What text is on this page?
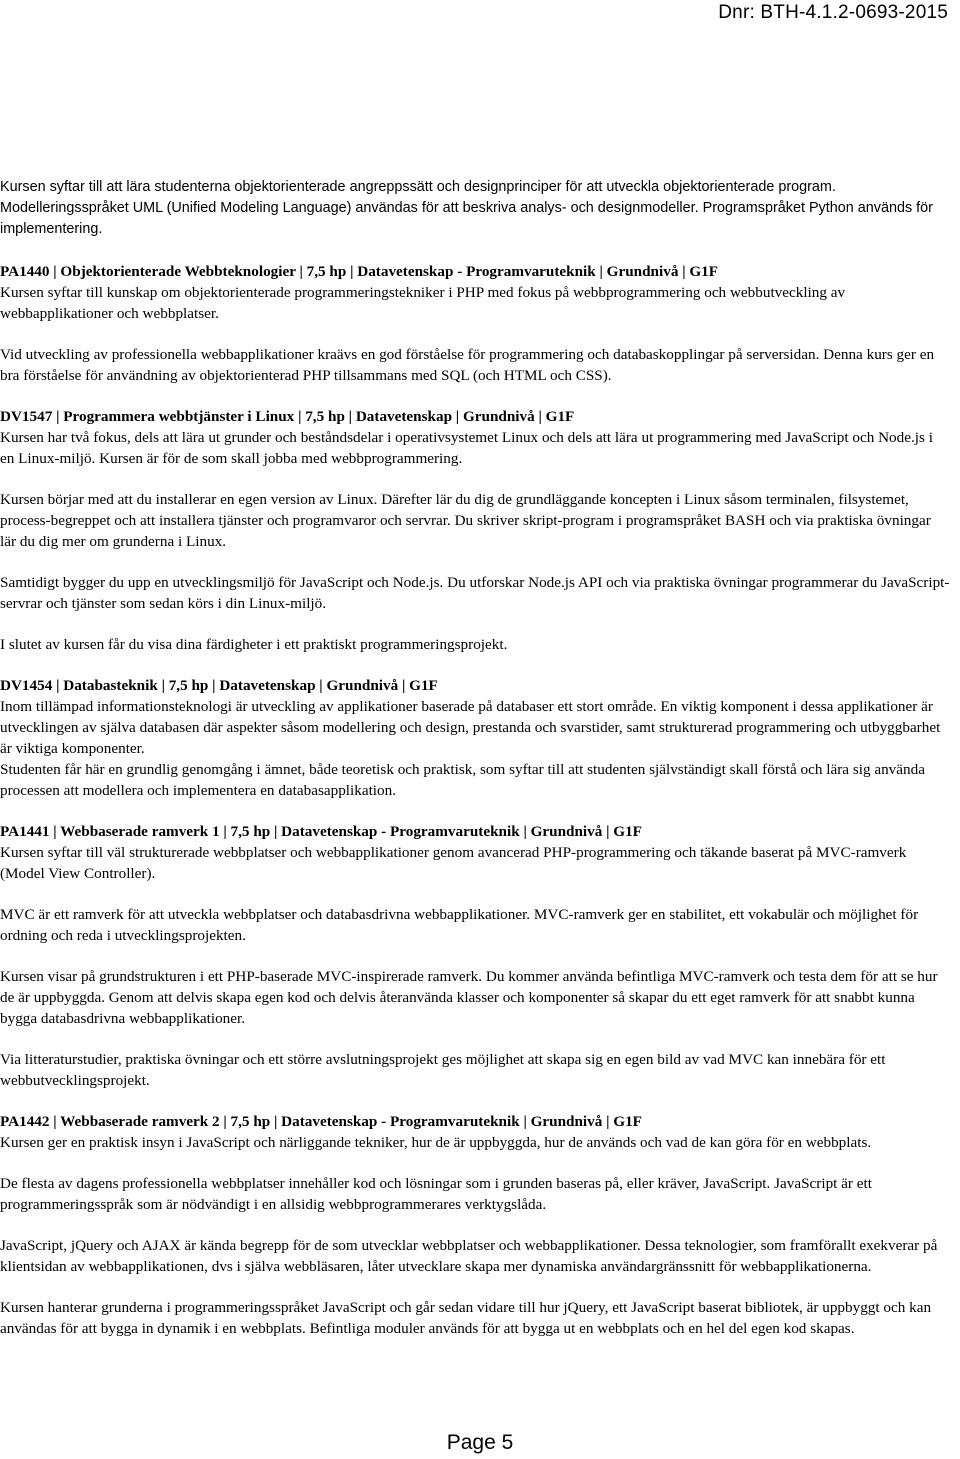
Dnr: BTH-4.1.2-0693-2015

Kursen syftar till att lära studenterna objektorienterade angreppssätt och designprinciper för att utveckla objektorienterade program. Modelleringsspråket UML (Unified Modeling Language) användas för att beskriva analys- och designmodeller. Programspråket Python används för implementering.

PA1440 | Objektorienterade Webbteknologier | 7,5 hp | Datavetenskap - Programvaruteknik | Grundnivå | G1F

Kursen syftar till kunskap om objektorienterade programmeringstekniker i PHP med fokus på webbprogrammering och webbutveckling av webbapplikationer och webbplatser.

Vid utveckling av professionella webbapplikationer kraävs en god förståelse för programmering och databaskopplingar på serversidan. Denna kurs ger en bra förståelse för användning av objektorienterad PHP tillsammans med SQL (och HTML och CSS).

DV1547 | Programmera webbtjänster i Linux | 7,5 hp | Datavetenskap | Grundnivå | G1F

Kursen har två fokus, dels att lära ut grunder och beståndsdelar i operativsystemet Linux och dels att lära ut programmering med JavaScript och Node.js i en Linux-miljö. Kursen är för de som skall jobba med webbprogrammering.

Kursen börjar med att du installerar en egen version av Linux. Därefter lär du dig de grundläggande koncepten i Linux såsom terminalen, filsystemet, process-begreppet och att installera tjänster och programvaror och servrar. Du skriver skript-program i programspråket BASH och via praktiska övningar lär du dig mer om grunderna i Linux.

Samtidigt bygger du upp en utvecklingsmiljö för JavaScript och Node.js. Du utforskar Node.js API och via praktiska övningar programmerar du JavaScript-servrar och tjänster som sedan körs i din Linux-miljö.

I slutet av kursen får du visa dina färdigheter i ett praktiskt programmeringsprojekt.

DV1454 | Databasteknik | 7,5 hp | Datavetenskap | Grundnivå | G1F

Inom tillämpad informationsteknologi är utveckling av applikationer baserade på databaser ett stort område. En viktig komponent i dessa applikationer är utvecklingen av själva databasen där aspekter såsom modellering och design, prestanda och svarstider, samt strukturerad programmering och utbyggbarhet är viktiga komponenter.

Studenten får här en grundlig genomgång i ämnet, både teoretisk och praktisk, som syftar till att studenten självständigt skall förstå och lära sig använda processen att modellera och implementera en databasapplikation.

PA1441 | Webbaserade ramverk 1 | 7,5 hp | Datavetenskap - Programvaruteknik | Grundnivå | G1F

Kursen syftar till väl strukturerade webbplatser och webbapplikationer genom avancerad PHP-programmering och täkande baserat på MVC-ramverk (Model View Controller).

MVC är ett ramverk för att utveckla webbplatser och databasdrivna webbapplikationer. MVC-ramverk ger en stabilitet, ett vokabulär och möjlighet för ordning och reda i utvecklingsprojekten.

Kursen visar på grundstrukturen i ett PHP-baserade MVC-inspirerade ramverk. Du kommer använda befintliga MVC-ramverk och testa dem för att se hur de är uppbyggda. Genom att delvis skapa egen kod och delvis återanvända klasser och komponenter så skapar du ett eget ramverk för att snabbt kunna bygga databasdrivna webbapplikationer.

Via litteraturstudier, praktiska övningar och ett större avslutningsprojekt ges möjlighet att skapa sig en egen bild av vad MVC kan innebära för ett webbutvecklingsprojekt.

PA1442 | Webbaserade ramverk 2 | 7,5 hp | Datavetenskap - Programvaruteknik | Grundnivå | G1F

Kursen ger en praktisk insyn i JavaScript och närliggande tekniker, hur de är uppbyggda, hur de används och vad de kan göra för en webbplats.

De flesta av dagens professionella webbplatser innehåller kod och lösningar som i grunden baseras på, eller kräver, JavaScript. JavaScript är ett programmeringsspråk som är nödvändigt i en allsidig webbprogrammerares verktygslåda.

JavaScript, jQuery och AJAX är kända begrepp för de som utvecklar webbplatser och webbapplikationer. Dessa teknologier, som framförallt exekverar på klientsidan av webbapplikationen, dvs i själva webbläsaren, låter utvecklare skapa mer dynamiska användargränssnitt för webbapplikationerna.

Kursen hanterar grunderna i programmeringsspråket JavaScript och går sedan vidare till hur jQuery, ett JavaScript baserat bibliotek, är uppbyggt och kan användas för att bygga in dynamik i en webbplats. Befintliga moduler används för att bygga ut en webbplats och en hel del egen kod skapas.

Page 5
